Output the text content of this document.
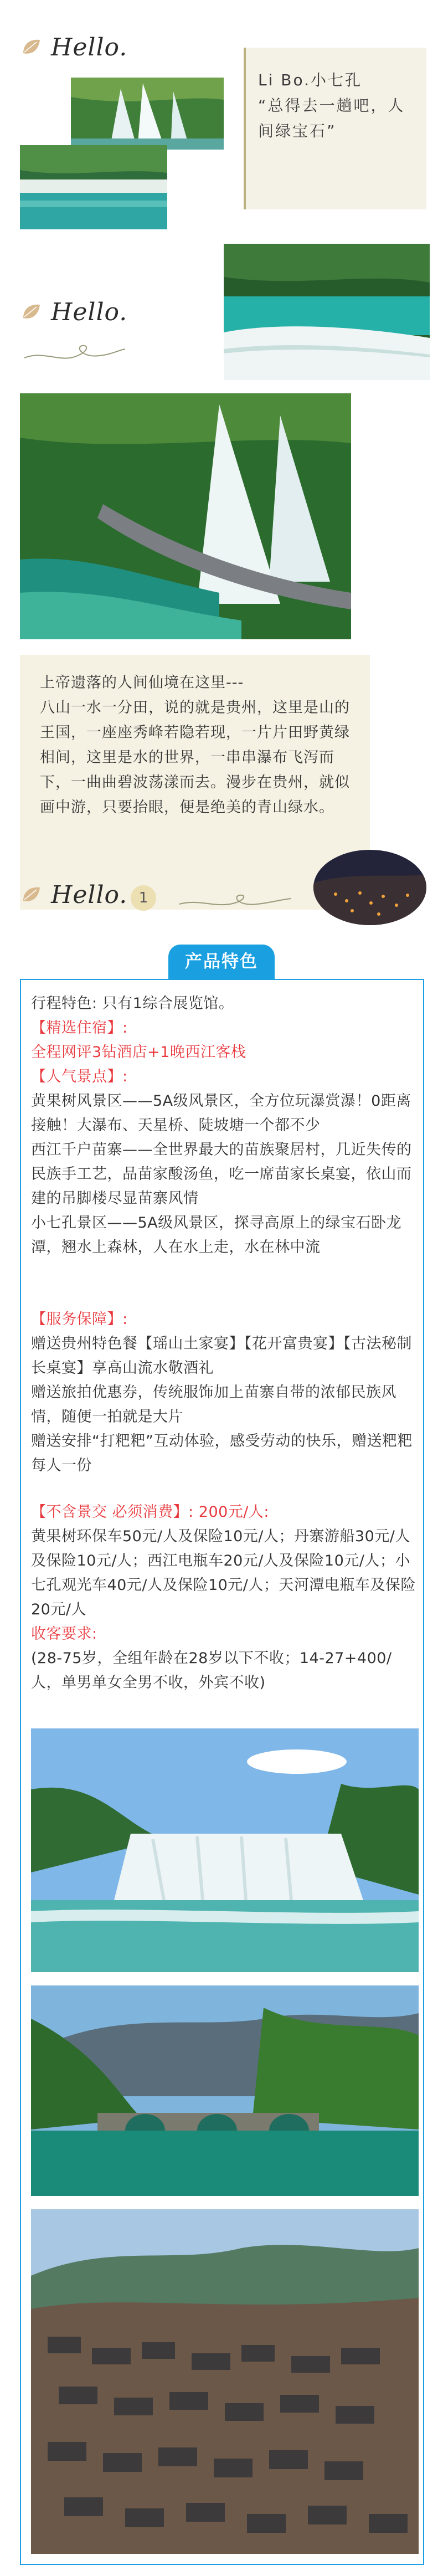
Hello.
Li Bo.小七孔
“总得去一趟吧，人间绿宝石”
Hello.

上帝遗落的人间仙境在这里---

八山一水一分田，说的就是贵州，这里是山的王国，一座座秀峰若隐若现，一片片田野黄绿相间，这里是水的世界，一串串瀑布飞泻而下，一曲曲碧波荡漾而去。漫步在贵州，就似画中游，只要抬眼，便是绝美的青山绿水。

Hello. 1
产品特色
行程特色: 只有1综合展览馆。
【精选住宿】:
全程网评3钻酒店+1晚西江客栈
【人气景点】:
黄果树风景区——5A级风景区，全方位玩瀑赏瀑！0距离接触！大瀑布、天星桥、陡坡塘一个都不少
西江千户苗寨——全世界最大的苗族聚居村，几近失传的民族手工艺，品苗家酸汤鱼，吃一席苗家长桌宴，依山而建的吊脚楼尽显苗寨风情
小七孔景区——5A级风景区，探寻高原上的绿宝石卧龙潭，翘水上森林，人在水上走，水在林中流
【服务保障】:
赠送贵州特色餐【瑶山土家宴】【花开富贵宴】【古法秘制长桌宴】享高山流水敬酒礼
赠送旅拍优惠券，传统服饰加上苗寨自带的浓郁民族风情，随便一拍就是大片
赠送安排“打粑粑”互动体验，感受劳动的快乐，赠送粑粑每人一份
【不含景交 必须消费】: 200元/人:
黄果树环保车50元/人及保险10元/人；丹寨游船30元/人及保险10元/人；西江电瓶车20元/人及保险10元/人；小七孔观光车40元/人及保险10元/人；天河潭电瓶车及保险20元/人
收客要求:
(28-75岁，全组年龄在28岁以下不收；14-27+400/人，单男单女全男不收，外宾不收)
